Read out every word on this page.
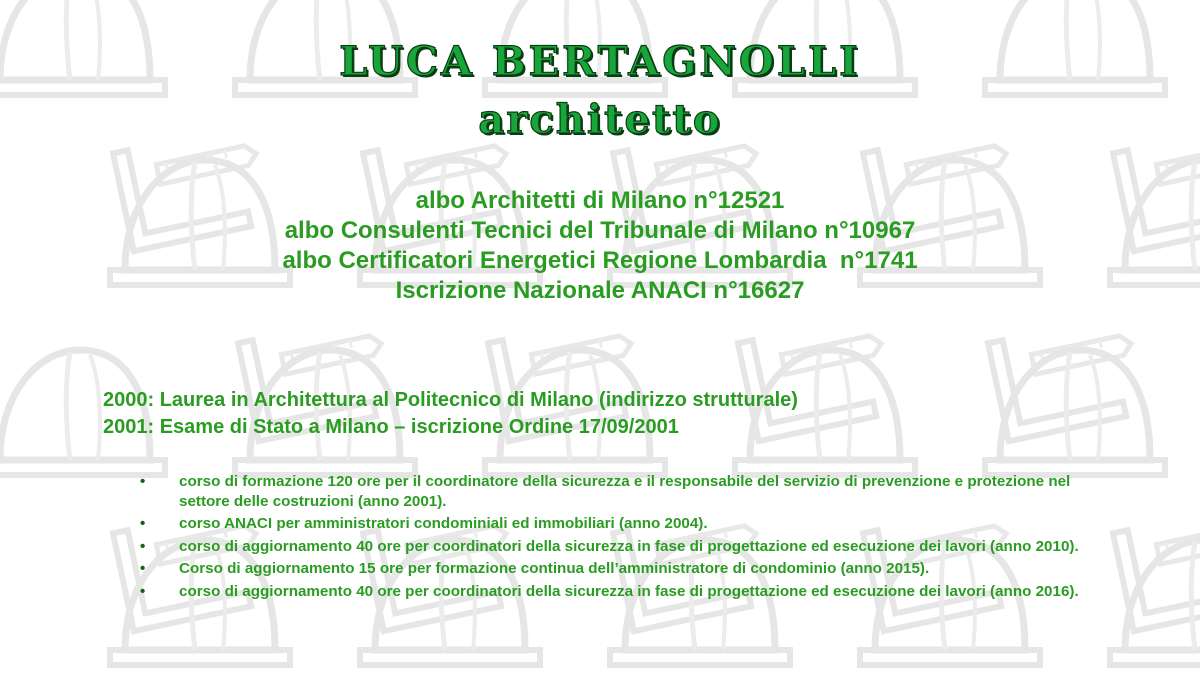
LUCA BERTAGNOLLI
architetto
albo Architetti di Milano n°12521
albo Consulenti Tecnici del Tribunale di Milano n°10967
albo Certificatori Energetici Regione Lombardia  n°1741
Iscrizione Nazionale ANACI n°16627
2000: Laurea in Architettura al Politecnico di Milano (indirizzo strutturale)
2001: Esame di Stato a Milano – iscrizione Ordine 17/09/2001
• corso di formazione 120 ore per il coordinatore della sicurezza e il responsabile del servizio di prevenzione e protezione nel settore delle costruzioni (anno 2001).
• corso ANACI per amministratori condominiali ed immobiliari (anno 2004).
• corso di aggiornamento 40 ore per coordinatori della sicurezza in fase di progettazione ed esecuzione dei lavori (anno 2010).
• Corso di aggiornamento 15 ore per formazione continua dell’amministratore di condominio (anno 2015).
• corso di aggiornamento 40 ore per coordinatori della sicurezza in fase di progettazione ed esecuzione dei lavori (anno 2016).
